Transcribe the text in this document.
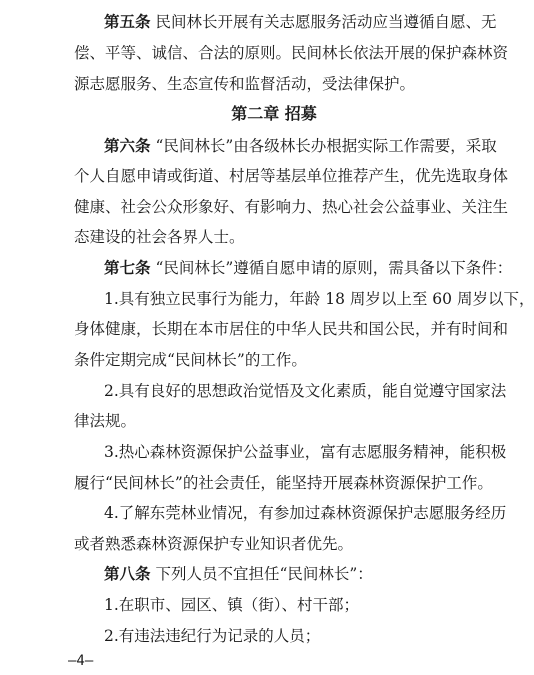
第五条 民间林长开展有关志愿服务活动应当遵循自愿、无
偿、平等、诚信、合法的原则。民间林长依法开展的保护森林资
源志愿服务、生态宣传和监督活动，受法律保护。
第二章 招募
第六条 “民间林长”由各级林长办根据实际工作需要，采取
个人自愿申请或街道、村居等基层单位推荐产生，优先选取身体
健康、社会公众形象好、有影响力、热心社会公益事业、关注生
态建设的社会各界人士。
第七条 “民间林长”遵循自愿申请的原则，需具备以下条件：
1.具有独立民事行为能力，年龄 18 周岁以上至 60 周岁以下，
身体健康，长期在本市居住的中华人民共和国公民，并有时间和
条件定期完成“民间林长”的工作。
2.具有良好的思想政治觉悟及文化素质，能自觉遵守国家法
律法规。
3.热心森林资源保护公益事业，富有志愿服务精神，能积极
履行“民间林长”的社会责任，能坚持开展森林资源保护工作。
4.了解东莞林业情况，有参加过森林资源保护志愿服务经历
或者熟悉森林资源保护专业知识者优先。
第八条 下列人员不宜担任“民间林长”：
1.在职市、园区、镇（街）、村干部；
2.有违法违纪行为记录的人员；
—4—
